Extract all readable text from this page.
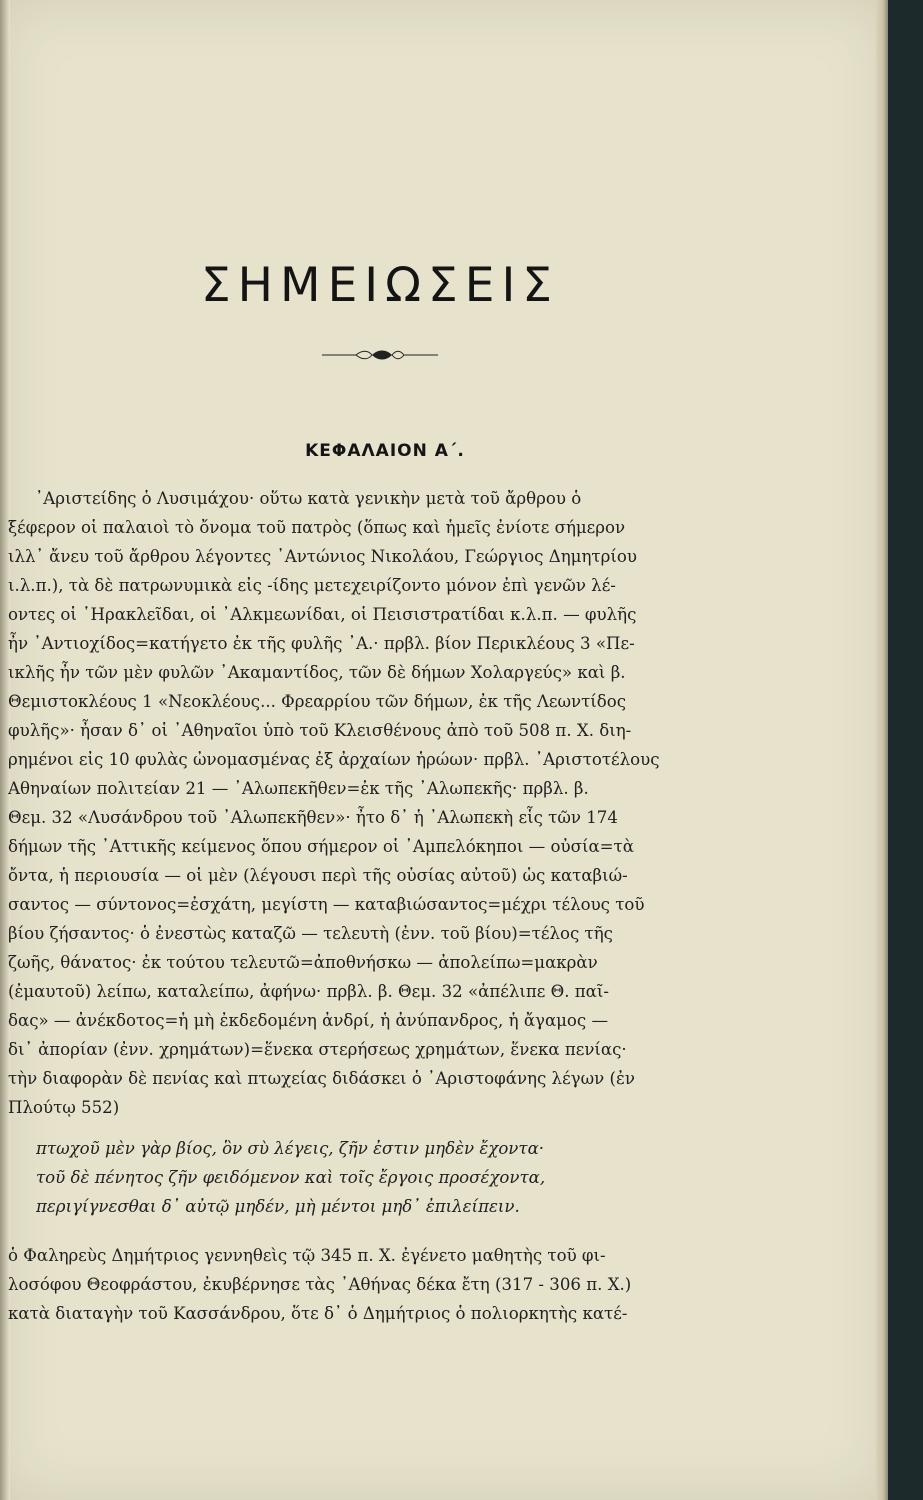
ΣΗΜΕΙΩΣΕΙΣ
ΚΕΦΑΛΑΙΟΝ Α΄.
᾿Αριστείδης ὁ Λυσιμάχου· οὕτω κατὰ γενικὴν μετὰ τοῦ ἄρθρου ὁ
ξέφερον οἱ παλαιοὶ τὸ ὄνομα τοῦ πατρὸς (ὅπως καὶ ἡμεῖς ἐνίοτε σήμερον
ιλλ᾿ ἄνευ τοῦ ἄρθρου λέγοντες ᾿Αντώνιος Νικολάου, Γεώργιος Δημητρίου
ι.λ.π.), τὰ δὲ πατρωνυμικὰ εἰς -ίδης μετεχειρίζοντο μόνον ἐπὶ γενῶν λέ-
οντες οἱ ῾Ηρακλεῖδαι, οἱ ᾿Αλκμεωνίδαι, οἱ Πεισιστρατίδαι κ.λ.π. — φυλῆς
ἦν ᾿Αντιοχίδος=κατήγετο ἐκ τῆς φυλῆς ᾿Α.· πρβλ. βίον Περικλέους 3 «Πε-
ικλῆς ἦν τῶν μὲν φυλῶν ᾿Ακαμαντίδος, τῶν δὲ δήμων Χολαργεύς» καὶ β.
Θεμιστοκλέους 1 «Νεοκλέους... Φρεαρρίου τῶν δήμων, ἐκ τῆς Λεωντίδος
φυλῆς»· ἦσαν δ᾿ οἱ ᾿Αθηναῖοι ὑπὸ τοῦ Κλεισθένους ἀπὸ τοῦ 508 π. Χ. διη-
ρημένοι εἰς 10 φυλὰς ὠνομασμένας ἐξ ἀρχαίων ἡρώων· πρβλ. ᾿Αριστοτέλους
Αθηναίων πολιτείαν 21 — ᾿Αλωπεκῆθεν=ἐκ τῆς ᾿Αλωπεκῆς· πρβλ. β.
Θεμ. 32 «Λυσάνδρου τοῦ ᾿Αλωπεκῆθεν»· ἦτο δ᾿ ἡ ᾿Αλωπεκὴ εἷς τῶν 174
δήμων τῆς ᾿Αττικῆς κείμενος ὅπου σήμερον οἱ ᾿Αμπελόκηποι — οὐσία=τὰ
ὄντα, ἡ περιουσία — οἱ μὲν (λέγουσι περὶ τῆς οὐσίας αὐτοῦ) ὡς καταβιώ-
σαντος — σύντονος=ἐσχάτη, μεγίστη — καταβιώσαντος=μέχρι τέλους τοῦ
βίου ζήσαντος· ὁ ἐνεστὼς καταζῶ — τελευτὴ (ἐνν. τοῦ βίου)=τέλος τῆς
ζωῆς, θάνατος· ἐκ τούτου τελευτῶ=ἀποθνήσκω — ἀπολείπω=μακρὰν
(ἐμαυτοῦ) λείπω, καταλείπω, ἀφήνω· πρβλ. β. Θεμ. 32 «ἀπέλιπε Θ. παῖ-
δας» — ἀνέκδοτος=ἡ μὴ ἐκδεδομένη ἀνδρί, ἡ ἀνύπανδρος, ἡ ἄγαμος —
δι᾿ ἀπορίαν (ἐνν. χρημάτων)=ἕνεκα στερήσεως χρημάτων, ἕνεκα πενίας·
τὴν διαφορὰν δὲ πενίας καὶ πτωχείας διδάσκει ὁ ᾿Αριστοφάνης λέγων (ἐν
Πλούτῳ 552)
πτωχοῦ μὲν γὰρ βίος, ὃν σὺ λέγεις, ζῆν ἐστιν μηδὲν ἔχοντα·
τοῦ δὲ πένητος ζῆν φειδόμενον καὶ τοῖς ἔργοις προσέχοντα,
περιγίγνεσθαι δ᾿ αὐτῷ μηδέν, μὴ μέντοι μηδ᾿ ἐπιλείπειν.
ὁ Φαληρεὺς Δημήτριος γεννηθεὶς τῷ 345 π. Χ. ἐγένετο μαθητὴς τοῦ φι-
λοσόφου Θεοφράστου, ἐκυβέρνησε τὰς ᾿Αθήνας δέκα ἔτη (317 - 306 π. Χ.)
κατὰ διαταγὴν τοῦ Κασσάνδρου, ὅτε δ᾿ ὁ Δημήτριος ὁ πολιορκητὴς κατέ-
